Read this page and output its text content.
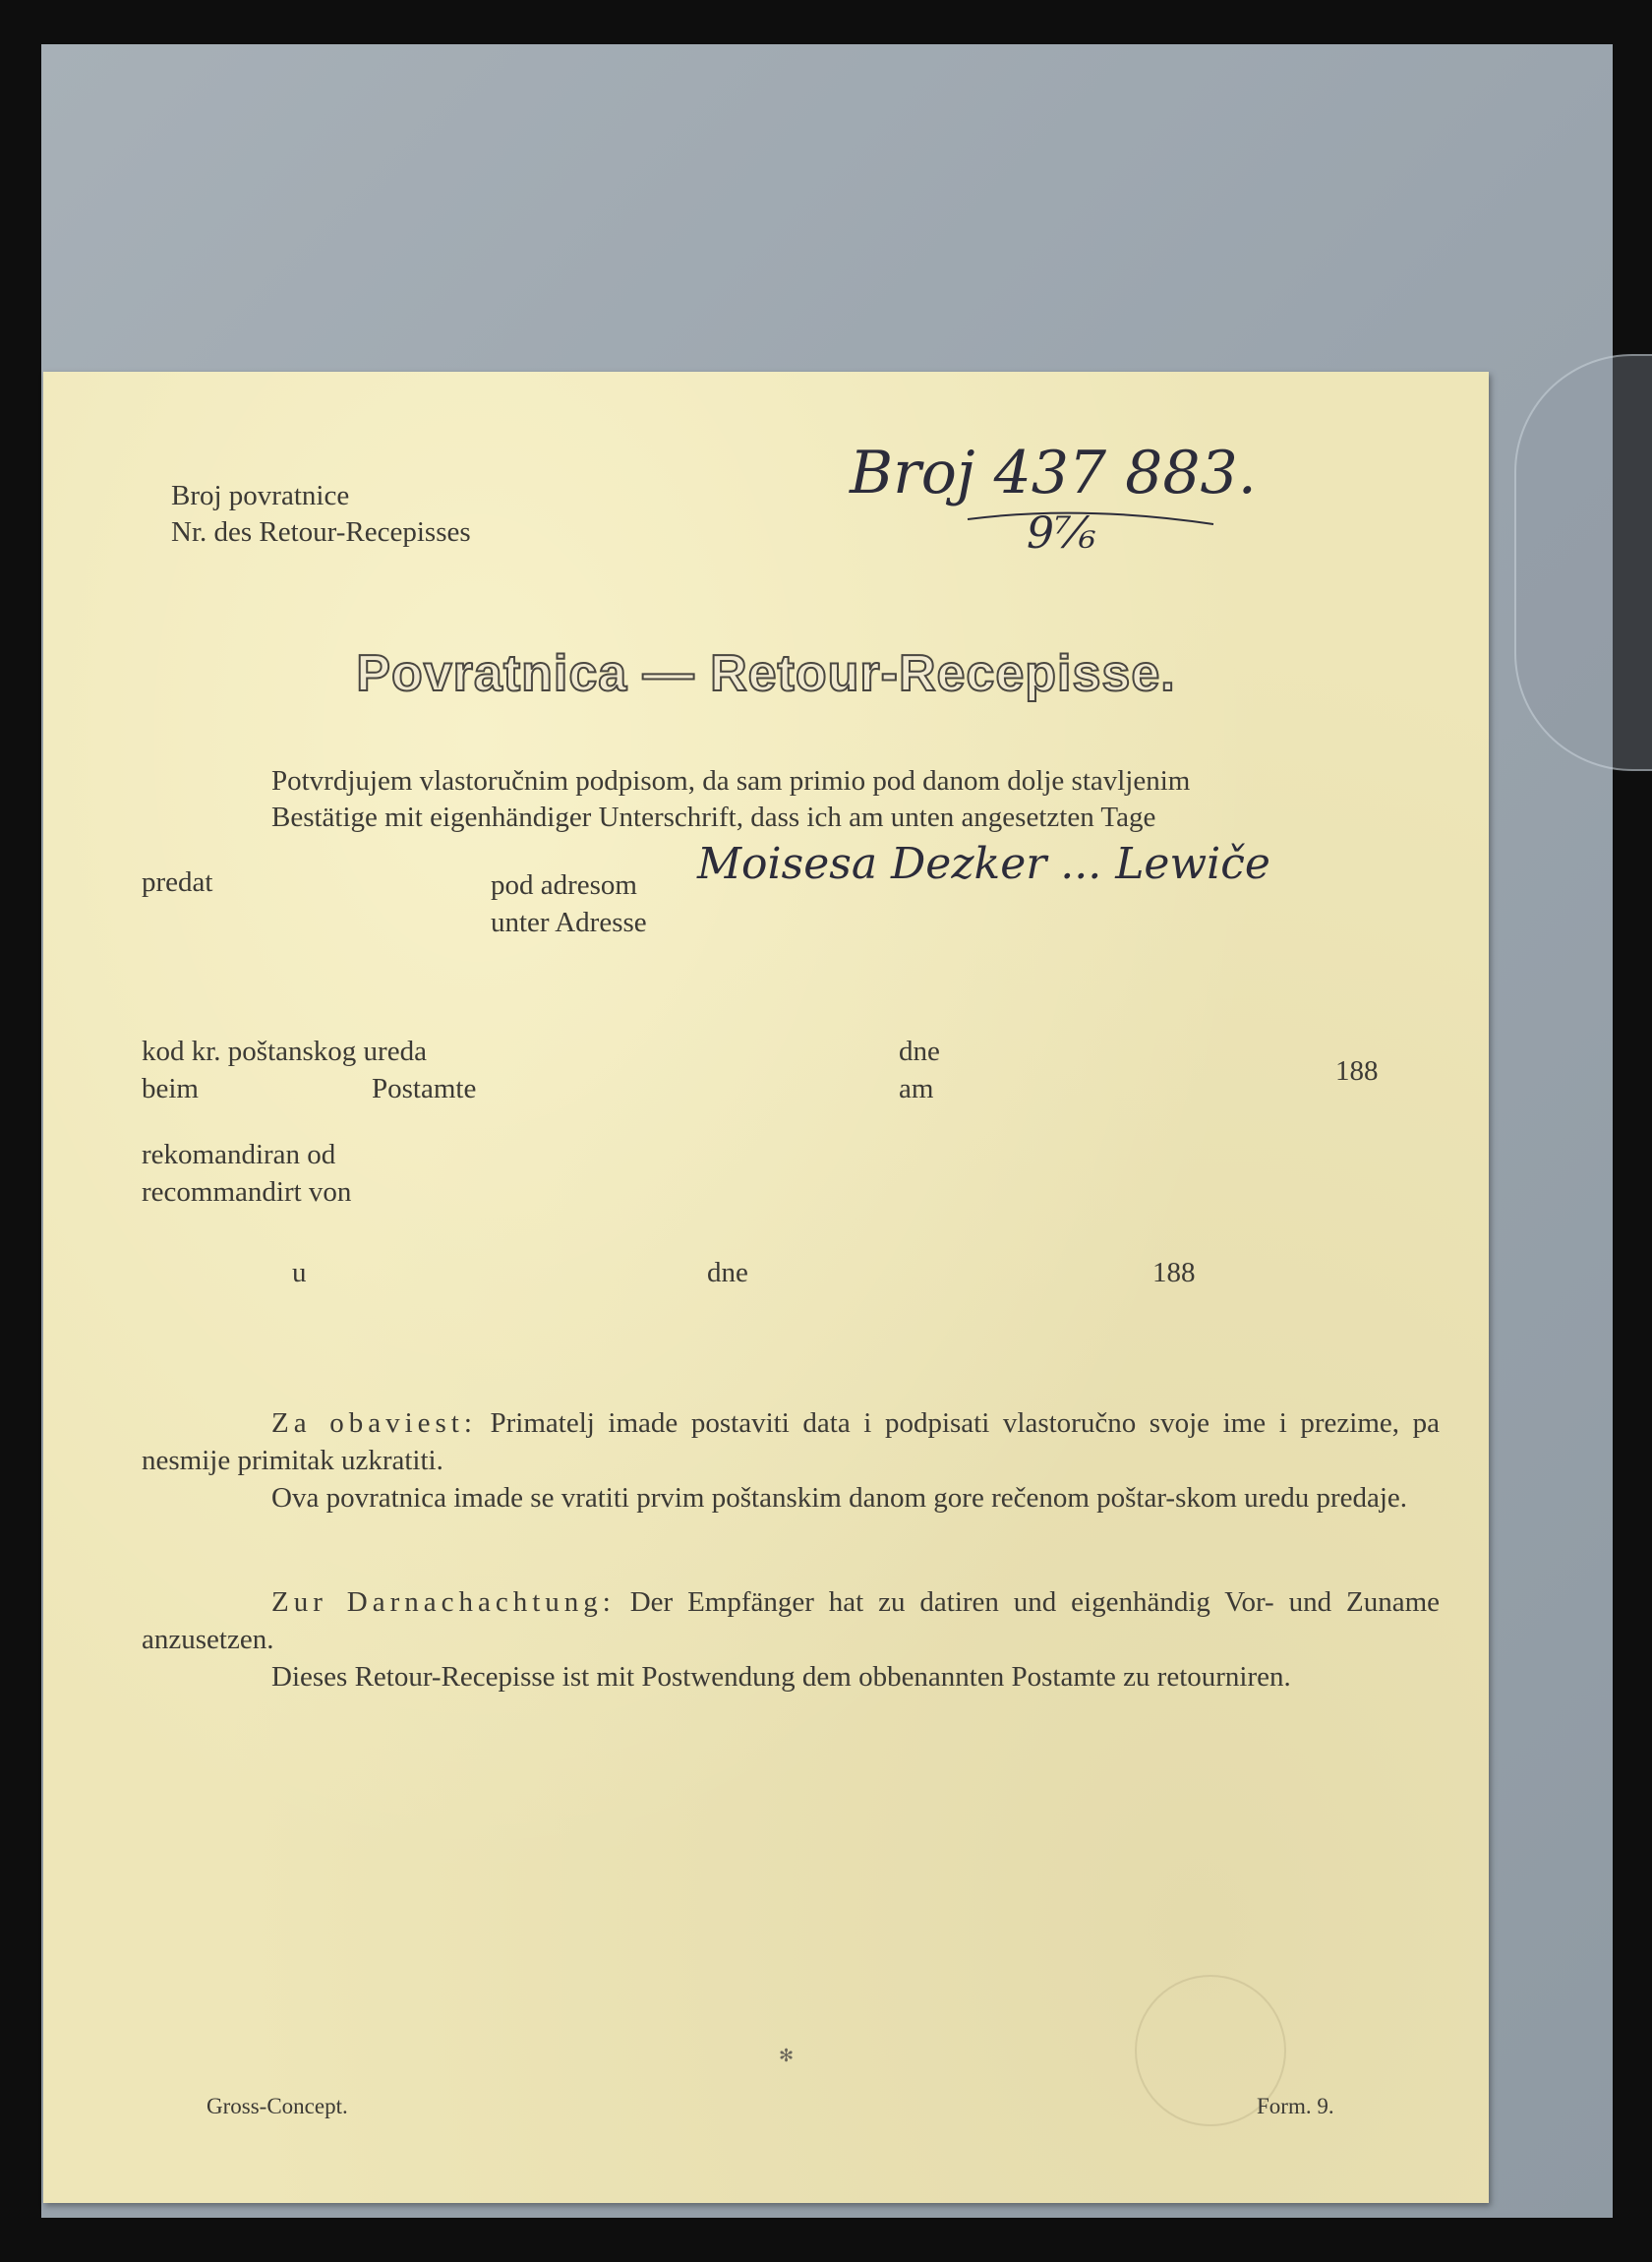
Broj povratnice
Nr. des Retour-Recepisses
Broj 437 883.
9⁷⁄₆
Povratnica — Retour-Recepisse.
Potvrdjujem vlastoručnim podpisom, da sam primio pod danom dolje stavljenim
Bestätige mit eigenhändiger Unterschrift, dass ich am unten angesetzten Tage
predat	pod adresom
unter Adresse
Moisesa Dezker ... Lewiče
kod kr. poštanskog ureda
beim	Postamte
dne
am
188
rekomandiran od
recommandirt von
u	dne	188
Za obaviest: Primatelj imade postaviti data i podpisati vlastoručno svoje ime i prezime, pa nesmije primitak uzkratiti.
Ova povratnica imade se vratiti prvim poštanskim danom gore rečenom poštar-skom uredu predaje.
Zur Darnachachtung: Der Empfänger hat zu datiren und eigenhändig Vor- und Zuname anzusetzen.
Dieses Retour-Recepisse ist mit Postwendung dem obbenannten Postamte zu retourniren.
✻
Gross-Concept.	Form. 9.
